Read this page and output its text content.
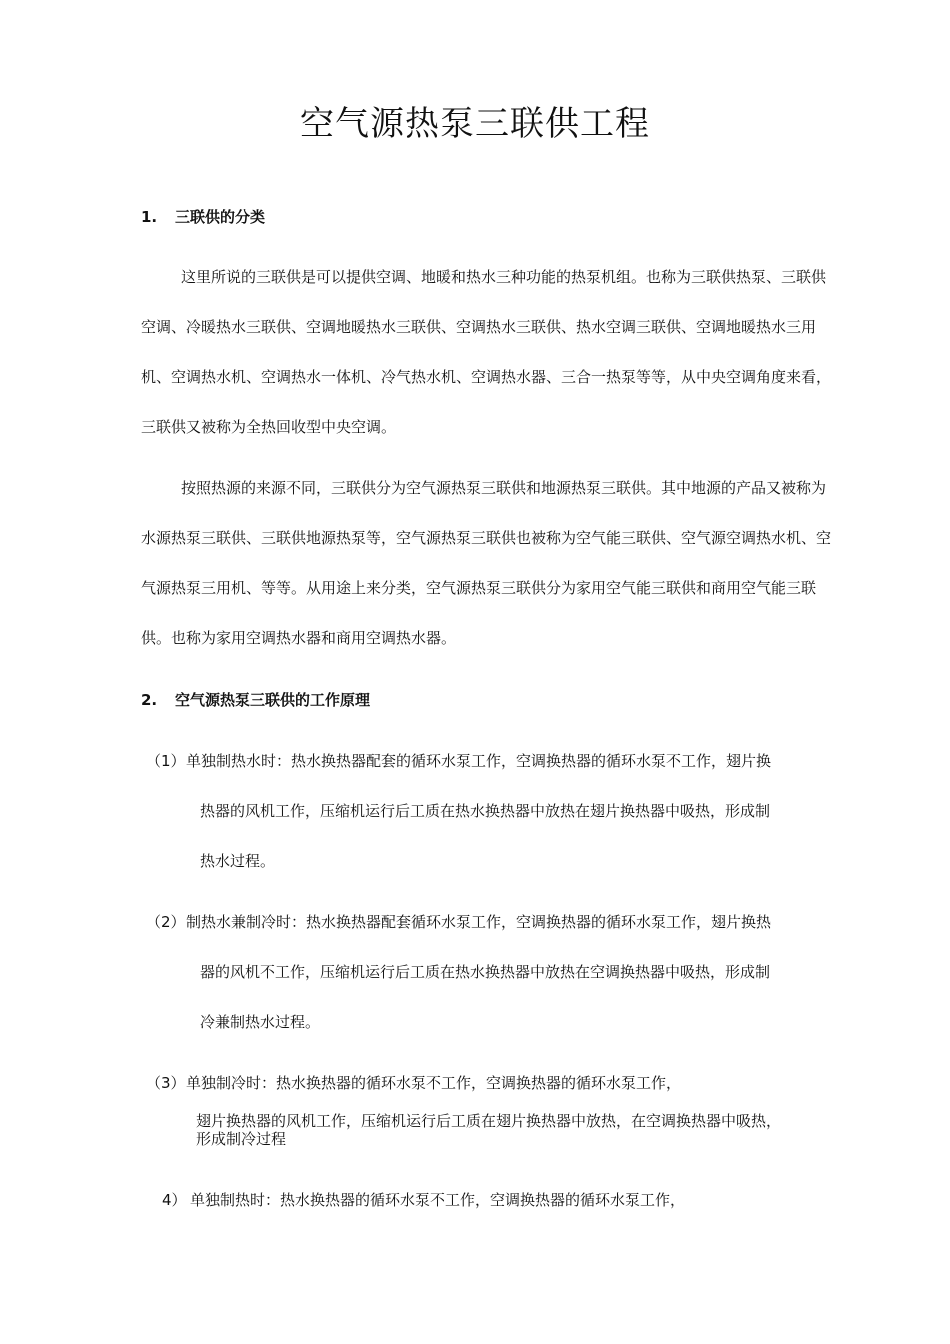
空气源热泵三联供工程
1. 三联供的分类

这里所说的三联供是可以提供空调、地暖和热水三种功能的热泵机组。也称为三联供热泵、三联供空调、冷暖热水三联供、空调地暖热水三联供、空调热水三联供、热水空调三联供、空调地暖热水三用机、空调热水机、空调热水一体机、冷气热水机、空调热水器、三合一热泵等等，从中央空调角度来看，三联供又被称为全热回收型中央空调。

按照热源的来源不同，三联供分为空气源热泵三联供和地源热泵三联供。其中地源的产品又被称为水源热泵三联供、三联供地源热泵等，空气源热泵三联供也被称为空气能三联供、空气源空调热水机、空气源热泵三用机、等等。从用途上来分类，空气源热泵三联供分为家用空气能三联供和商用空气能三联供。也称为家用空调热水器和商用空调热水器。

2. 空气源热泵三联供的工作原理
（1） 单独制热水时：热水换热器配套的循环水泵工作，空调换热器的循环水泵不工作，翅片换
热器的风机工作，压缩机运行后工质在热水换热器中放热在翅片换热器中吸热，形成制
热水过程。
（2） 制热水兼制冷时：热水换热器配套循环水泵工作，空调换热器的循环水泵工作，翅片换热
器的风机不工作，压缩机运行后工质在热水换热器中放热在空调换热器中吸热，形成制
冷兼制热水过程。
（3） 单独制冷时：热水换热器的循环水泵不工作，空调换热器的循环水泵工作，
翅片换热器的风机工作，压缩机运行后工质在翅片换热器中放热，在空调换热器中吸热，
形成制冷过程
4） 单独制热时：热水换热器的循环水泵不工作，空调换热器的循环水泵工作，
